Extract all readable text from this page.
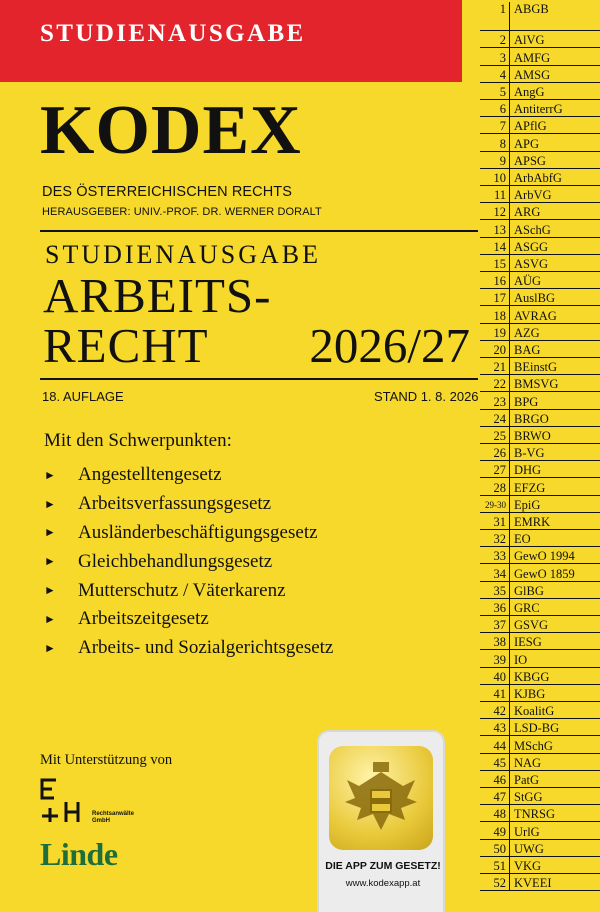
STUDIENAUSGABE
KODEX
DES ÖSTERREICHISCHEN RECHTS
HERAUSGEBER: UNIV.-PROF. DR. WERNER DORALT
STUDIENAUSGABE
ARBEITS-
RECHT 2026/27
18. AUFLAGE	STAND 1. 8. 2026
Mit den Schwerpunkten:
►	Angestelltengesetz
►	Arbeitsverfassungsgesetz
►	Ausländerbeschäftigungsgesetz
►	Gleichbehandlungsgesetz
►	Mutterschutz / Väterkarenz
►	Arbeitszeitgesetz
►	Arbeits- und Sozialgerichtsgesetz
Mit Unterstützung von
Rechtsanwälte GmbH
Linde	DIE APP ZUM GESETZ!
www.kodexapp.at
1 ABGB
2 AlVG
3 AMFG
4 AMSG
5 AngG
6 AntiterrG
7 APflG
8 APG
9 APSG
10 ArbAbfG
11 ArbVG
12 ARG
13 ASchG
14 ASGG
15 ASVG
16 AÜG
17 AuslBG
18 AVRAG
19 AZG
20 BAG
21 BEinstG
22 BMSVG
23 BPG
24 BRGO
25 BRWO
26 B-VG
27 DHG
28 EFZG
29-30 EpiG
31 EMRK
32 EO
33 GewO 1994
34 GewO 1859
35 GlBG
36 GRC
37 GSVG
38 IESG
39 IO
40 KBGG
41 KJBG
42 KoalitG
43 LSD-BG
44 MSchG
45 NAG
46 PatG
47 StGG
48 TNRSG
49 UrlG
50 UWG
51 VKG
52 KVEEI
